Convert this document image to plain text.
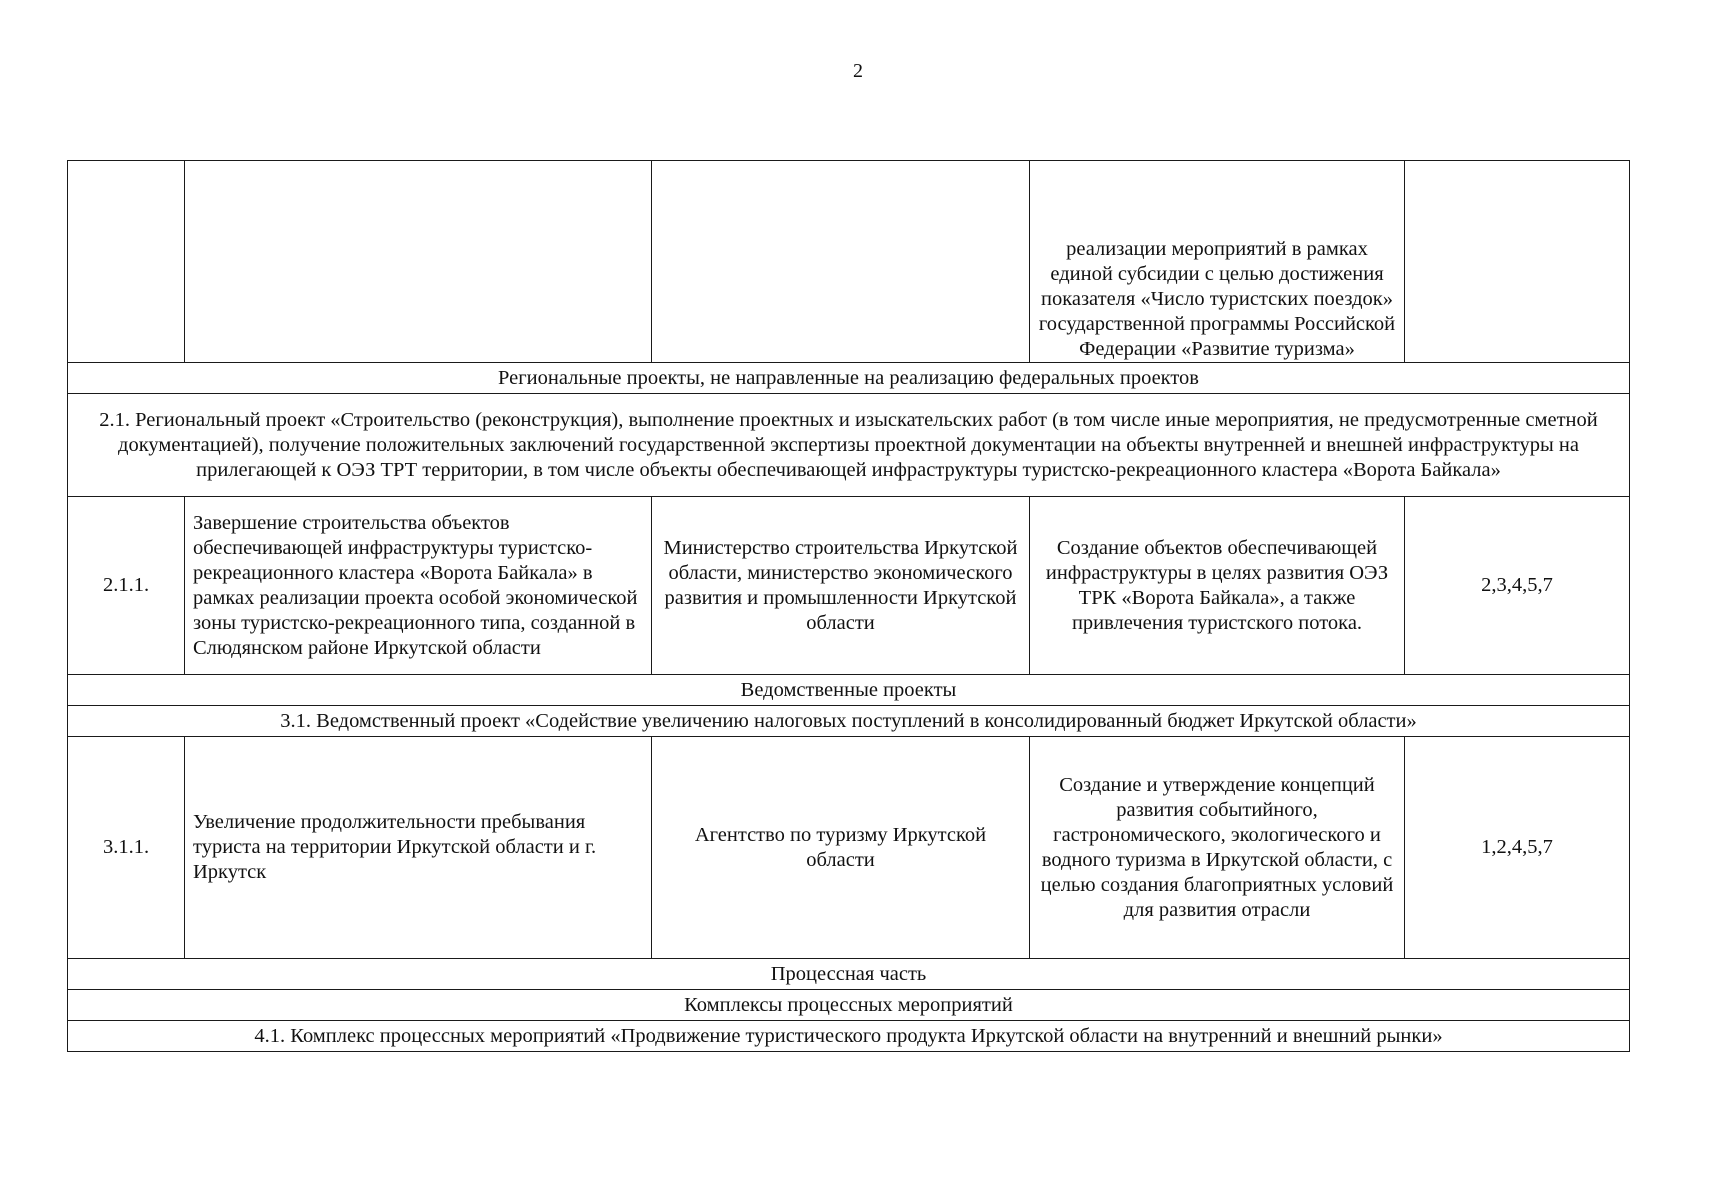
2
			реализации мероприятий в рамках единой субсидии с целью достижения показателя «Число туристских поездок» государственной программы Российской Федерации «Развитие туризма»	
Региональные проекты, не направленные на реализацию федеральных проектов				
2.1. Региональный проект «Строительство (реконструкция), выполнение проектных и изыскательских работ (в том числе иные мероприятия, не предусмотренные сметной документацией), получение положительных заключений государственной экспертизы проектной документации на объекты внутренней и внешней инфраструктуры на прилегающей к ОЭЗ ТРТ территории, в том числе объекты обеспечивающей инфраструктуры туристско-рекреационного кластера «Ворота Байкала»				
2.1.1.	Завершение строительства объектов обеспечивающей инфраструктуры туристско-рекреационного кластера «Ворота Байкала» в рамках реализации проекта особой экономической зоны туристско-рекреационного типа, созданной в Слюдянском районе Иркутской области	Министерство строительства Иркутской области, министерство экономического развития и промышленности Иркутской области	Создание объектов обеспечивающей инфраструктуры в целях развития ОЭЗ ТРК «Ворота Байкала», а также привлечения туристского потока.	2,3,4,5,7
Ведомственные проекты				
3.1. Ведомственный проект «Содействие увеличению налоговых поступлений в консолидированный бюджет Иркутской области»				
3.1.1.	Увеличение продолжительности пребывания туриста на территории Иркутской области и г. Иркутск	Агентство по туризму Иркутской области	Создание и утверждение концепций развития событийного, гастрономического, экологического и водного туризма в Иркутской области, с целью создания благоприятных условий для развития отрасли	1,2,4,5,7
Процессная часть				
Комплексы процессных мероприятий				
4.1. Комплекс процессных мероприятий «Продвижение туристического продукта Иркутской области на внутренний и внешний рынки»				
